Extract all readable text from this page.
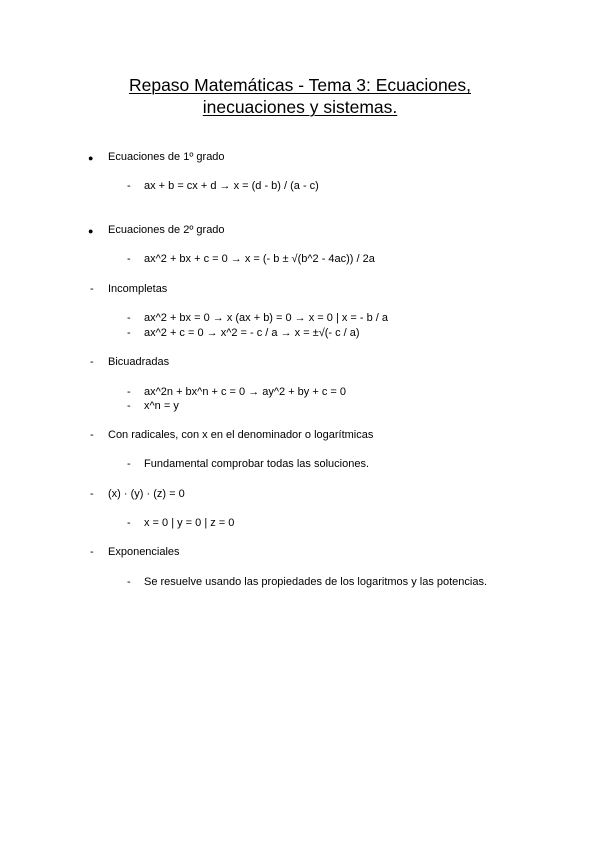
Repaso Matemáticas - Tema 3: Ecuaciones,
inecuaciones y sistemas.
● Ecuaciones de 1º grado
- ax + b = cx + d → x = (d - b) / (a - c)
● Ecuaciones de 2º grado
- ax^2 + bx + c = 0 → x = (- b ± √(b^2 - 4ac)) / 2a
- Incompletas
- ax^2 + bx = 0 → x (ax + b) = 0 → x = 0 | x = - b / a
- ax^2 + c = 0 → x^2 = - c / a → x = ±√(- c / a)
- Bicuadradas
- ax^2n + bx^n + c = 0 → ay^2 + by + c = 0
- x^n = y
- Con radicales, con x en el denominador o logarítmicas
- Fundamental comprobar todas las soluciones.
- (x) · (y) · (z) = 0
- x = 0 | y = 0 | z = 0
- Exponenciales
- Se resuelve usando las propiedades de los logaritmos y las potencias.
